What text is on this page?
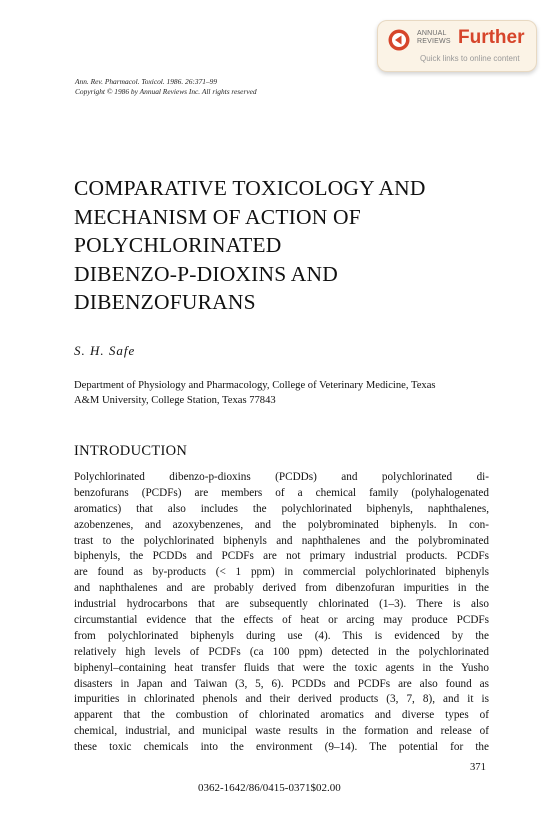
ANNUAL
REVIEWS Further
Quick links to online content
Ann. Rev. Pharmacol. Toxicol. 1986. 26:371–99
Copyright © 1986 by Annual Reviews Inc. All rights reserved
COMPARATIVE TOXICOLOGY AND
MECHANISM OF ACTION OF
POLYCHLORINATED
DIBENZO-P-DIOXINS AND
DIBENZOFURANS
S. H. Safe
Department of Physiology and Pharmacology, College of Veterinary Medicine, Texas
A&M University, College Station, Texas 77843
INTRODUCTION
Polychlorinated dibenzo-p-dioxins (PCDDs) and polychlorinated di-
benzofurans (PCDFs) are members of a chemical family (polyhalogenated
aromatics) that also includes the polychlorinated biphenyls, naphthalenes,
azobenzenes, and azoxybenzenes, and the polybrominated biphenyls. In con-
trast to the polychlorinated biphenyls and naphthalenes and the polybrominated
biphenyls, the PCDDs and PCDFs are not primary industrial products. PCDFs
are found as by-products (< 1 ppm) in commercial polychlorinated biphenyls
and naphthalenes and are probably derived from dibenzofuran impurities in the
industrial hydrocarbons that are subsequently chlorinated (1–3). There is also
circumstantial evidence that the effects of heat or arcing may produce PCDFs
from polychlorinated biphenyls during use (4). This is evidenced by the
relatively high levels of PCDFs (ca 100 ppm) detected in the polychlorinated
biphenyl–containing heat transfer fluids that were the toxic agents in the Yusho
disasters in Japan and Taiwan (3, 5, 6). PCDDs and PCDFs are also found as
impurities in chlorinated phenols and their derived products (3, 7, 8), and it is
apparent that the combustion of chlorinated aromatics and diverse types of
chemical, industrial, and municipal waste results in the formation and release of
these toxic chemicals into the environment (9–14). The potential for the
371
0362-1642/86/0415-0371$02.00
